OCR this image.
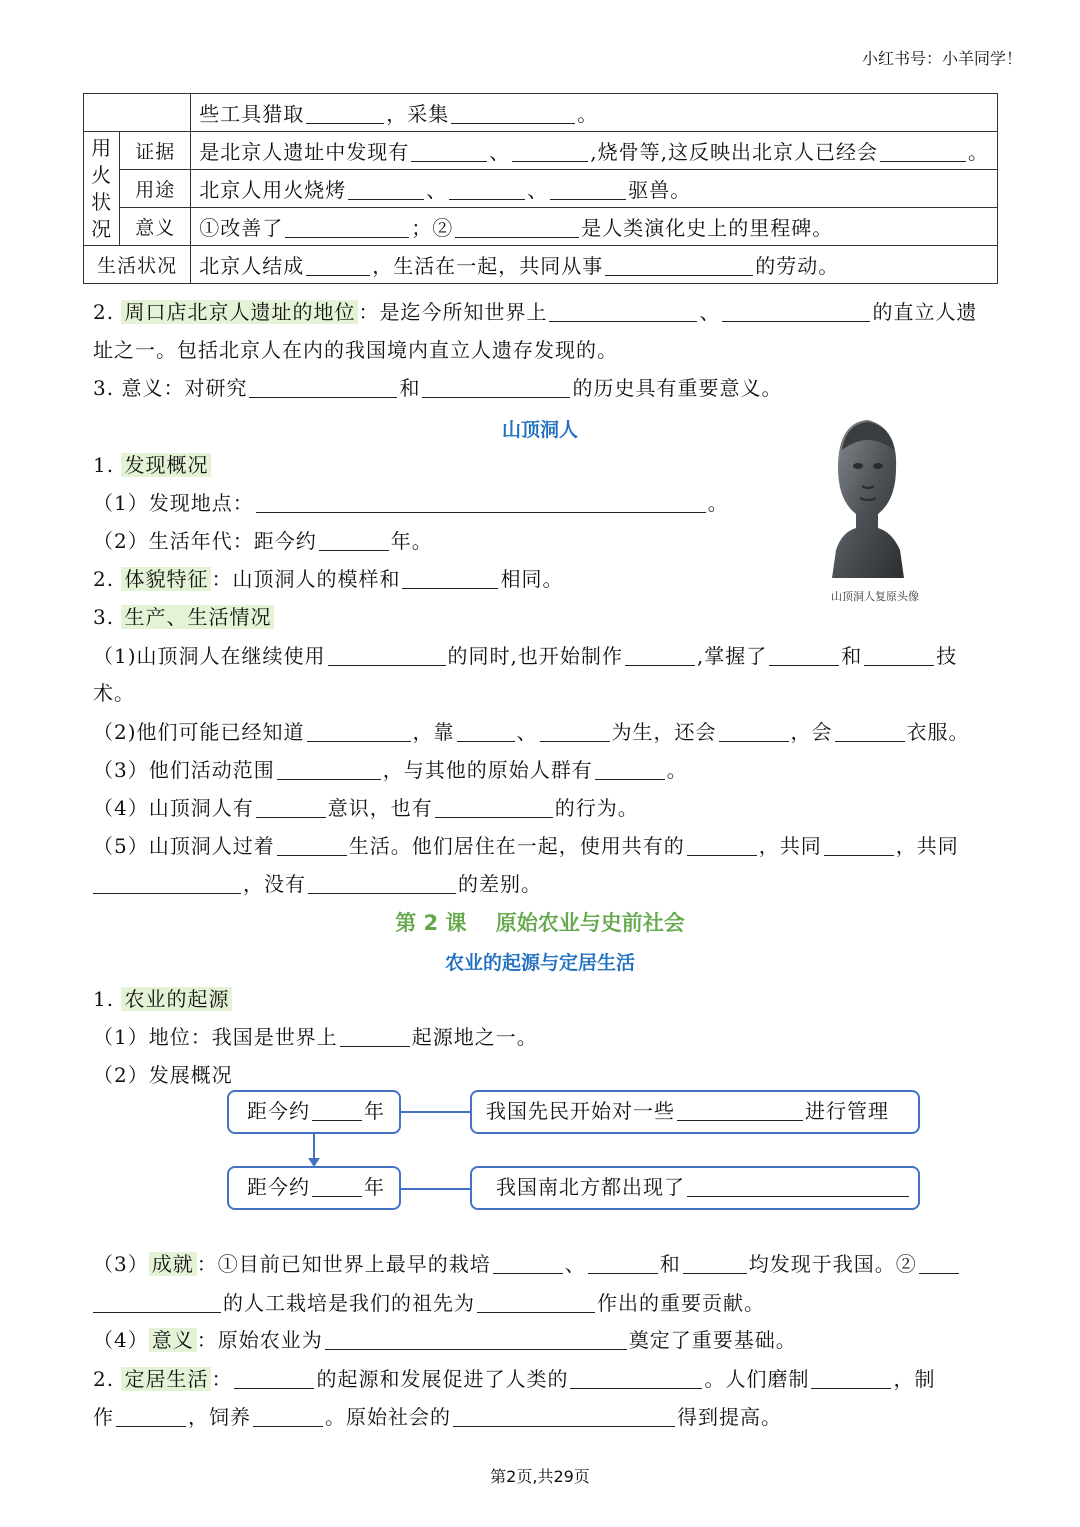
小红书号：小羊同学！
		些工具猎取 ，采集 。

用
火
状
况	证据	是北京人遗址中发现有 、 ,烧骨等,这反映出北京人已经会 。
	用途	北京人用火烧烤 、 、 驱兽。
	意义	①改善了 ；② 是人类演化史上的里程碑。
生活状况		北京人结成 ，生活在一起，共同从事 的劳动。
2. 周口店北京人遗址的地位 ：是迄今所知世界上	、	的直立人遗
址之一。包括北京人在内的我国境内直立人遗存发现的。
3. 意义：对研究	和	的历史具有重要意义。
山顶洞人
山顶洞人复原头像
1. 发现概况
（1）发现地点：	。
（2）生活年代：距今约	年。
2. 体貌特征 ：山顶洞人的模样和	相同。
3. 生产、生活情况
（1)山顶洞人在继续使用	的同时,也开始制作	,掌握了	和	技
术。
（2)他们可能已经知道	，靠	、	为生，还会	，会	衣服。
（3）他们活动范围	，与其他的原始人群有	。
（4）山顶洞人有	意识，也有	的行为。
（5）山顶洞人过着	生活。他们居住在一起，使用共有的	，共同	，共同
，没有	的差别。
第 2 课    原始农业与史前社会
农业的起源与定居生活
1. 农业的起源
（1）地位：我国是世界上	起源地之一。
（2）发展概况
距今约	年	我国先民开始对一些	进行管理
距今约	年	我国南北方都出现了
（3） 成就 ：①目前已知世界上最早的栽培	、	和	均发现于我国。②
的人工栽培是我们的祖先为	作出的重要贡献。
（4） 意义 ：原始农业为	奠定了重要基础。
2. 定居生活 ：	的起源和发展促进了人类的	。人们磨制	，制
作	，饲养	。原始社会的	得到提高。
第2页,共29页
